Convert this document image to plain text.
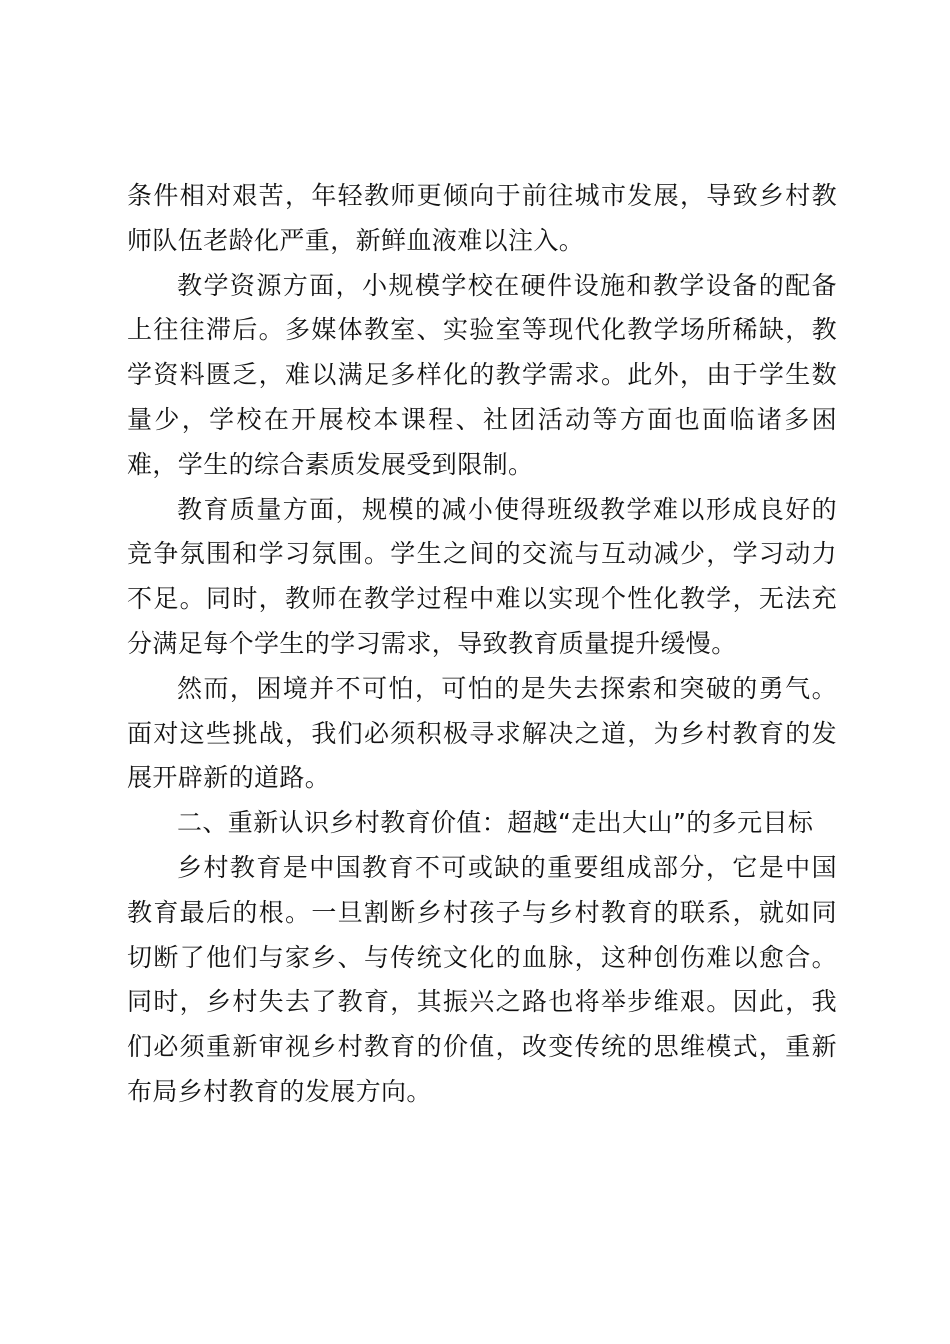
条件相对艰苦，年轻教师更倾向于前往城市发展，导致乡村教师队伍老龄化严重，新鲜血液难以注入。

教学资源方面，小规模学校在硬件设施和教学设备的配备上往往滞后。多媒体教室、实验室等现代化教学场所稀缺，教学资料匮乏，难以满足多样化的教学需求。此外，由于学生数量少，学校在开展校本课程、社团活动等方面也面临诸多困难，学生的综合素质发展受到限制。

教育质量方面，规模的减小使得班级教学难以形成良好的竞争氛围和学习氛围。学生之间的交流与互动减少，学习动力不足。同时，教师在教学过程中难以实现个性化教学，无法充分满足每个学生的学习需求，导致教育质量提升缓慢。

然而，困境并不可怕，可怕的是失去探索和突破的勇气。面对这些挑战，我们必须积极寻求解决之道，为乡村教育的发展开辟新的道路。

二、重新认识乡村教育价值：超越“走出大山”的多元目标

乡村教育是中国教育不可或缺的重要组成部分，它是中国教育最后的根。一旦割断乡村孩子与乡村教育的联系，就如同切断了他们与家乡、与传统文化的血脉，这种创伤难以愈合。同时，乡村失去了教育，其振兴之路也将举步维艰。因此，我们必须重新审视乡村教育的价值，改变传统的思维模式，重新布局乡村教育的发展方向。
